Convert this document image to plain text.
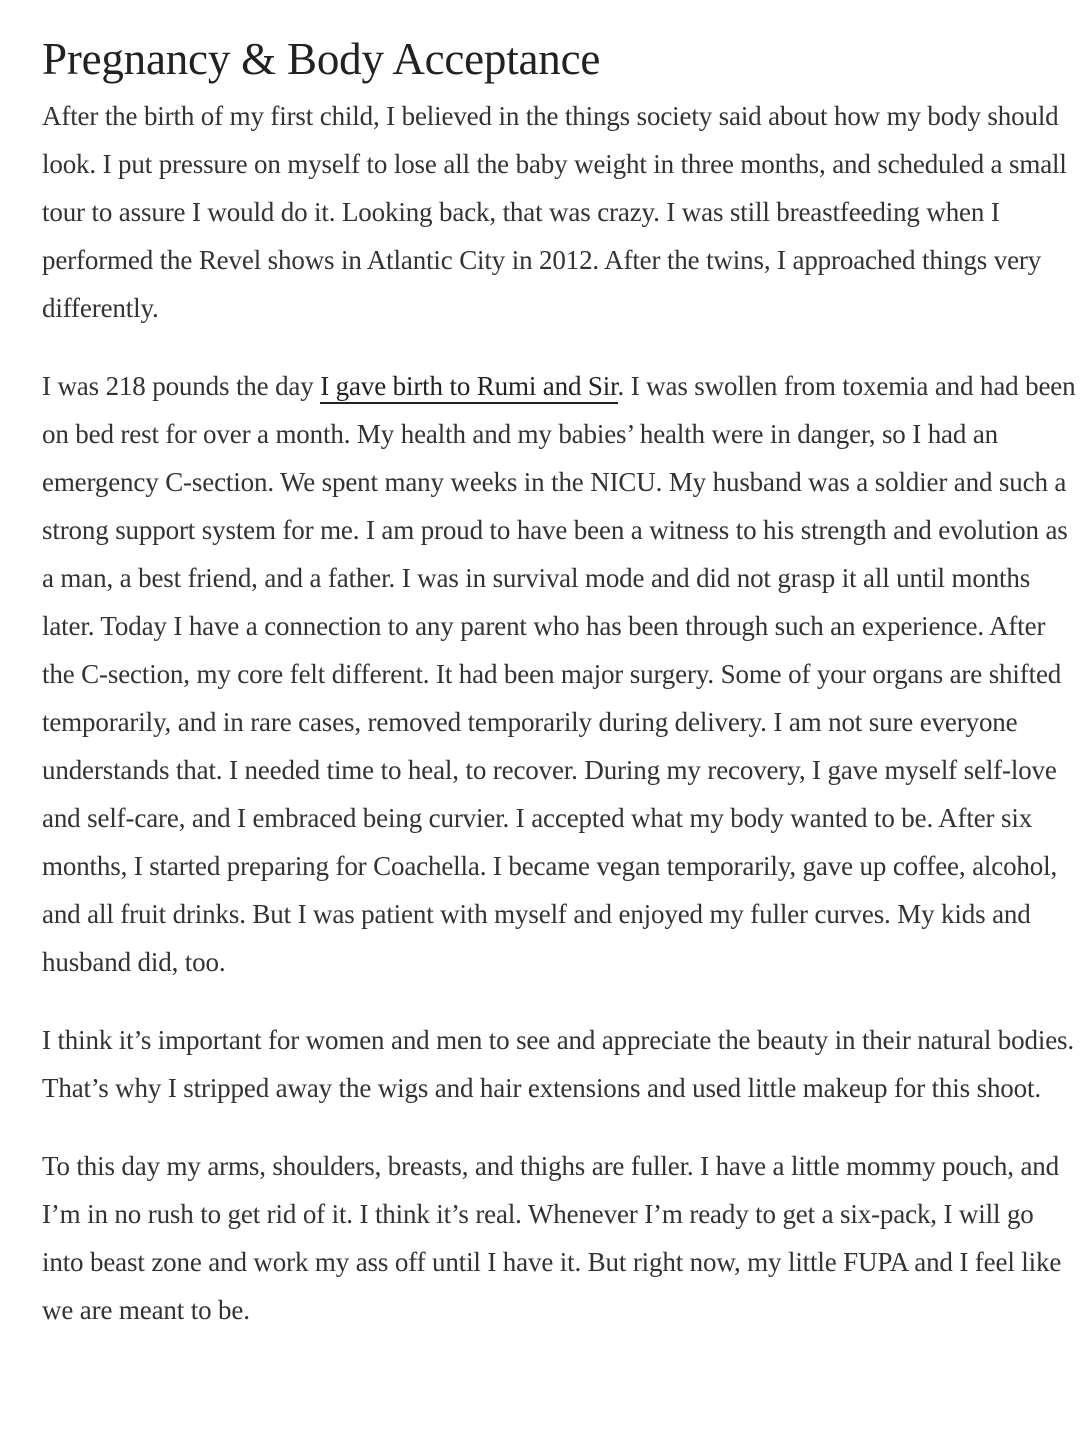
Pregnancy & Body Acceptance

After the birth of my first child, I believed in the things society said about how my body should look. I put pressure on myself to lose all the baby weight in three months, and scheduled a small tour to assure I would do it. Looking back, that was crazy. I was still breastfeeding when I performed the Revel shows in Atlantic City in 2012. After the twins, I approached things very differently.

I was 218 pounds the day I gave birth to Rumi and Sir. I was swollen from toxemia and had been on bed rest for over a month. My health and my babies’ health were in danger, so I had an emergency C-section. We spent many weeks in the NICU. My husband was a soldier and such a strong support system for me. I am proud to have been a witness to his strength and evolution as a man, a best friend, and a father. I was in survival mode and did not grasp it all until months later. Today I have a connection to any parent who has been through such an experience. After the C-section, my core felt different. It had been major surgery. Some of your organs are shifted temporarily, and in rare cases, removed temporarily during delivery. I am not sure everyone understands that. I needed time to heal, to recover. During my recovery, I gave myself self-love and self-care, and I embraced being curvier. I accepted what my body wanted to be. After six months, I started preparing for Coachella. I became vegan temporarily, gave up coffee, alcohol, and all fruit drinks. But I was patient with myself and enjoyed my fuller curves. My kids and husband did, too.

I think it’s important for women and men to see and appreciate the beauty in their natural bodies. That’s why I stripped away the wigs and hair extensions and used little makeup for this shoot.

To this day my arms, shoulders, breasts, and thighs are fuller. I have a little mommy pouch, and I’m in no rush to get rid of it. I think it’s real. Whenever I’m ready to get a six-pack, I will go into beast zone and work my ass off until I have it. But right now, my little FUPA and I feel like we are meant to be.
